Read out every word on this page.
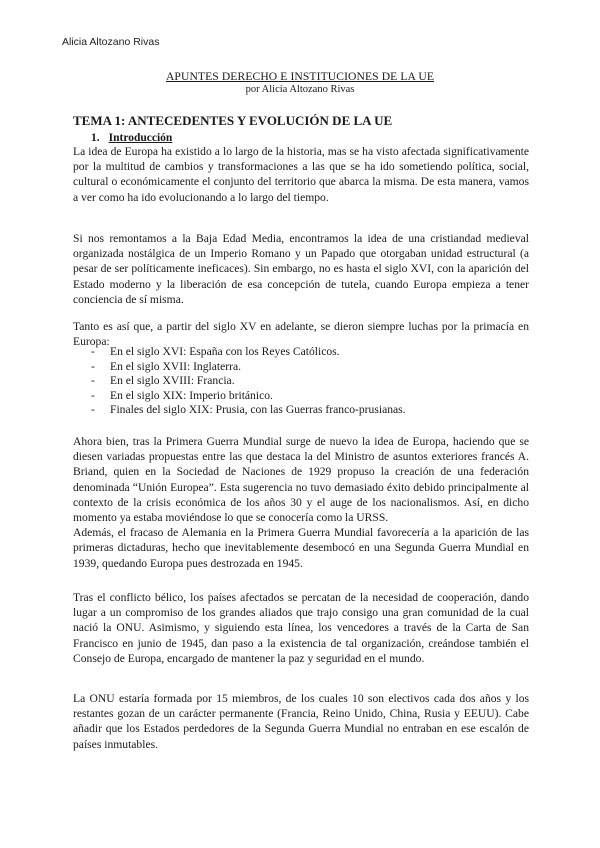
Alicia Altozano Rivas
APUNTES DERECHO E INSTITUCIONES DE LA UE
por Alicia Altozano Rivas
TEMA 1: ANTECEDENTES Y EVOLUCIÓN DE LA UE
1. Introducción

La idea de Europa ha existido a lo largo de la historia, mas se ha visto afectada significativamente por la multitud de cambios y transformaciones a las que se ha ido sometiendo política, social, cultural o económicamente el conjunto del territorio que abarca la misma. De esta manera, vamos a ver como ha ido evolucionando a lo largo del tiempo.

Si nos remontamos a la Baja Edad Media, encontramos la idea de una cristiandad medieval organizada nostálgica de un Imperio Romano y un Papado que otorgaban unidad estructural (a pesar de ser políticamente ineficaces). Sin embargo, no es hasta el siglo XVI, con la aparición del Estado moderno y la liberación de esa concepción de tutela, cuando Europa empieza a tener conciencia de sí misma.

Tanto es así que, a partir del siglo XV en adelante, se dieron siempre luchas por la primacía en Europa:

- En el siglo XVI: España con los Reyes Católicos.
- En el siglo XVII: Inglaterra.
- En el siglo XVIII: Francia.
- En el siglo XIX: Imperio británico.
- Finales del siglo XIX: Prusia, con las Guerras franco-prusianas.

Ahora bien, tras la Primera Guerra Mundial surge de nuevo la idea de Europa, haciendo que se diesen variadas propuestas entre las que destaca la del Ministro de asuntos exteriores francés A. Briand, quien en la Sociedad de Naciones de 1929 propuso la creación de una federación denominada “Unión Europea”. Esta sugerencia no tuvo demasiado éxito debido principalmente al contexto de la crisis económica de los años 30 y el auge de los nacionalismos. Así, en dicho momento ya estaba moviéndose lo que se conocería como la URSS.

Además, el fracaso de Alemania en la Primera Guerra Mundial favorecería a la aparición de las primeras dictaduras, hecho que inevitablemente desembocó en una Segunda Guerra Mundial en 1939, quedando Europa pues destrozada en 1945.

Tras el conflicto bélico, los países afectados se percatan de la necesidad de cooperación, dando lugar a un compromiso de los grandes aliados que trajo consigo una gran comunidad de la cual nació la ONU. Asimismo, y siguiendo esta línea, los vencedores a través de la Carta de San Francisco en junio de 1945, dan paso a la existencia de tal organización, creándose también el Consejo de Europa, encargado de mantener la paz y seguridad en el mundo.

La ONU estaría formada por 15 miembros, de los cuales 10 son electivos cada dos años y los restantes gozan de un carácter permanente (Francia, Reino Unido, China, Rusia y EEUU). Cabe añadir que los Estados perdedores de la Segunda Guerra Mundial no entraban en ese escalón de países inmutables.
